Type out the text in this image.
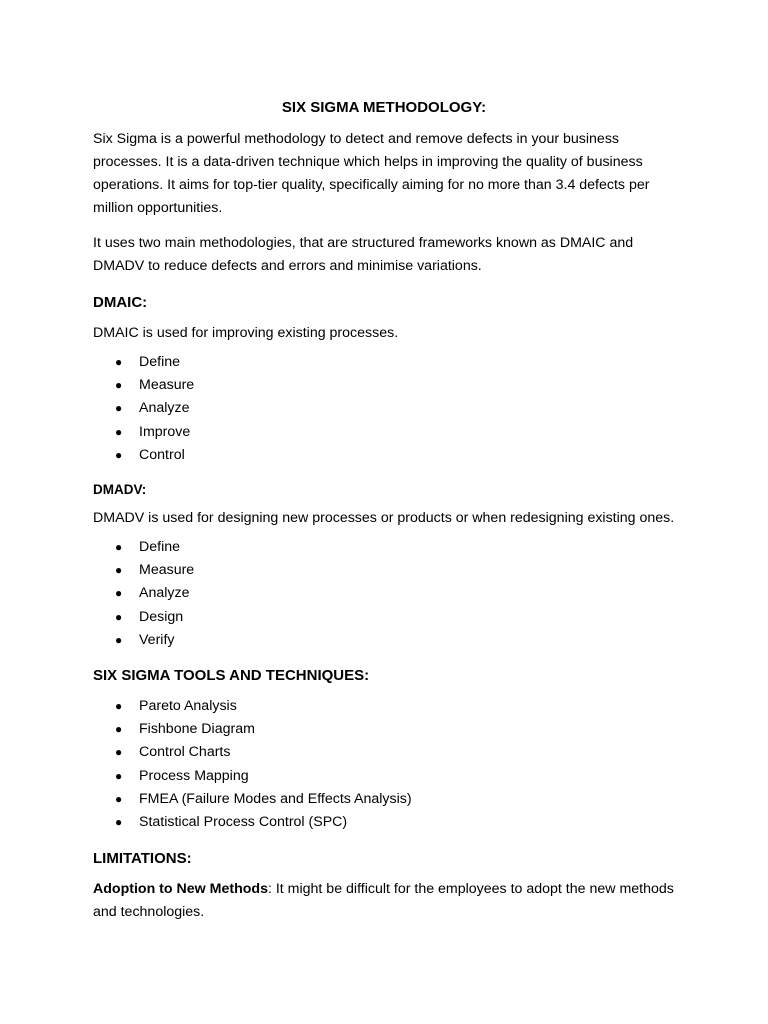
SIX SIGMA METHODOLOGY:

Six Sigma is a powerful methodology to detect and remove defects in your business processes. It is a data-driven technique which helps in improving the quality of business operations. It aims for top-tier quality, specifically aiming for no more than 3.4 defects per million opportunities.

It uses two main methodologies, that are structured frameworks known as DMAIC and DMADV to reduce defects and errors and minimise variations.

DMAIC:

DMAIC is used for improving existing processes.

● Define
● Measure
● Analyze
● Improve
● Control
DMADV:

DMADV is used for designing new processes or products or when redesigning existing ones.

● Define
● Measure
● Analyze
● Design
● Verify
SIX SIGMA TOOLS AND TECHNIQUES:
● Pareto Analysis
● Fishbone Diagram
● Control Charts
● Process Mapping
● FMEA (Failure Modes and Effects Analysis)
● Statistical Process Control (SPC)
LIMITATIONS:

Adoption to New Methods: It might be difficult for the employees to adopt the new methods and technologies.
